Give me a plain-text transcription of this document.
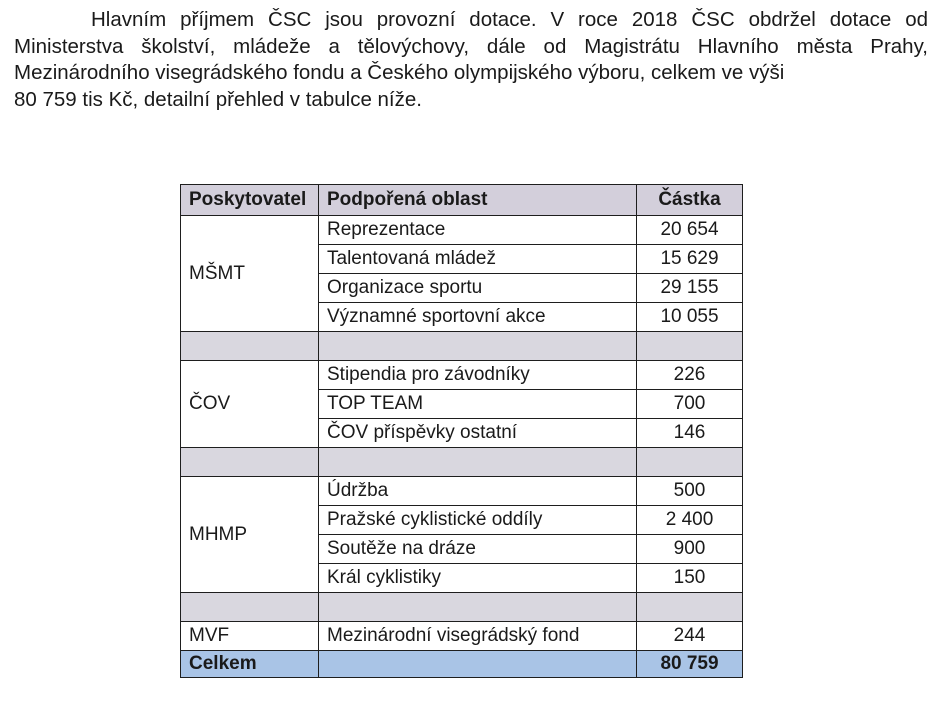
Hlavním příjmem ČSC jsou provozní dotace. V roce 2018 ČSC obdržel dotace od
Ministerstva školství, mládeže a tělovýchovy, dále od Magistrátu Hlavního města Prahy,
Mezinárodního visegrádského fondu a Českého olympijského výboru, celkem ve výši
80 759 tis Kč, detailní přehled v tabulce níže.
Poskytovatel	Podpořená oblast	Částka
MŠMT	Reprezentace	20 654
	Talentovaná mládež	15 629
	Organizace sportu	29 155
	Významné sportovní akce	10 055

ČOV	Stipendia pro závodníky	226
	TOP TEAM	700
	ČOV příspěvky ostatní	146

MHMP	Údržba	500
	Pražské cyklistické oddíly	2 400
	Soutěže na dráze	900
	Král cyklistiky	150

MVF	Mezinárodní visegrádský fond	244
Celkem		80 759
